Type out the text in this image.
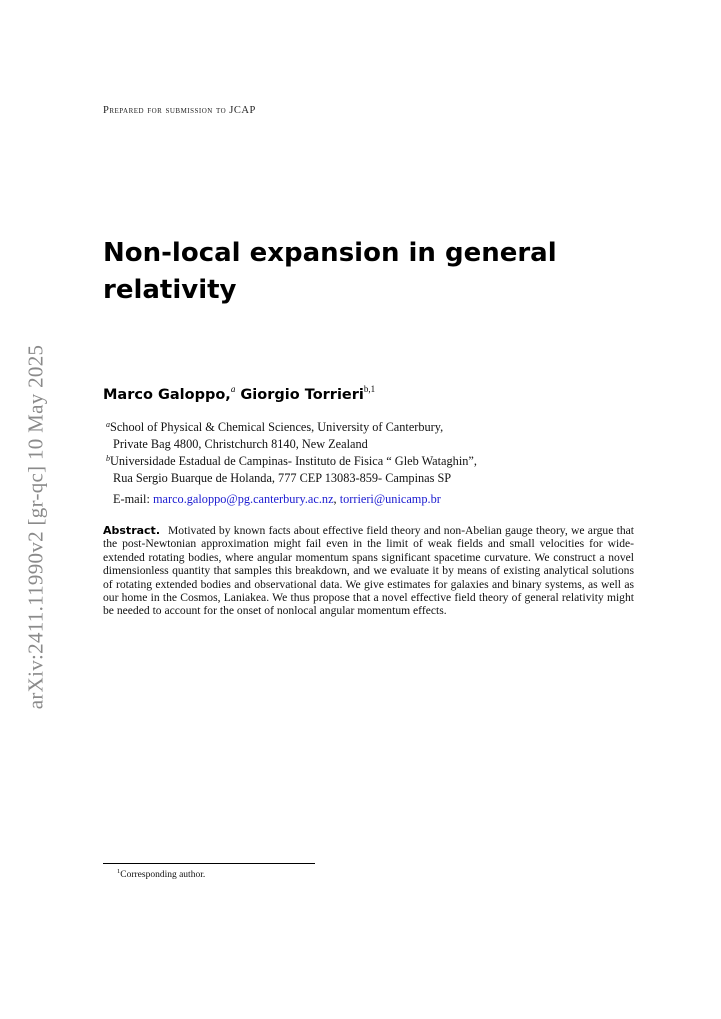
arXiv:2411.11990v2 [gr-qc] 10 May 2025
Prepared for submission to JCAP
Non-local expansion in general relativity
Marco Galoppo,$^a$ Giorgio Torrieri$^{b,1}$
$^a$School of Physical & Chemical Sciences, University of Canterbury,
Private Bag 4800, Christchurch 8140, New Zealand
$^b$Universidade Estadual de Campinas- Instituto de Fisica “ Gleb Wataghin”,
Rua Sergio Buarque de Holanda, 777 CEP 13083-859- Campinas SP
E-mail: marco.galoppo@pg.canterbury.ac.nz, torrieri@unicamp.br

Abstract. Motivated by known facts about effective field theory and non-Abelian gauge theory, we argue that the post-Newtonian approximation might fail even in the limit of weak fields and small velocities for wide-extended rotating bodies, where angular momentum spans significant spacetime curvature. We construct a novel dimensionless quantity that samples this breakdown, and we evaluate it by means of existing analytical solutions of rotating extended bodies and observational data. We give estimates for galaxies and binary systems, as well as our home in the Cosmos, Laniakea. We thus propose that a novel effective field theory of general relativity might be needed to account for the onset of nonlocal angular momentum effects.

$^1$Corresponding author.
